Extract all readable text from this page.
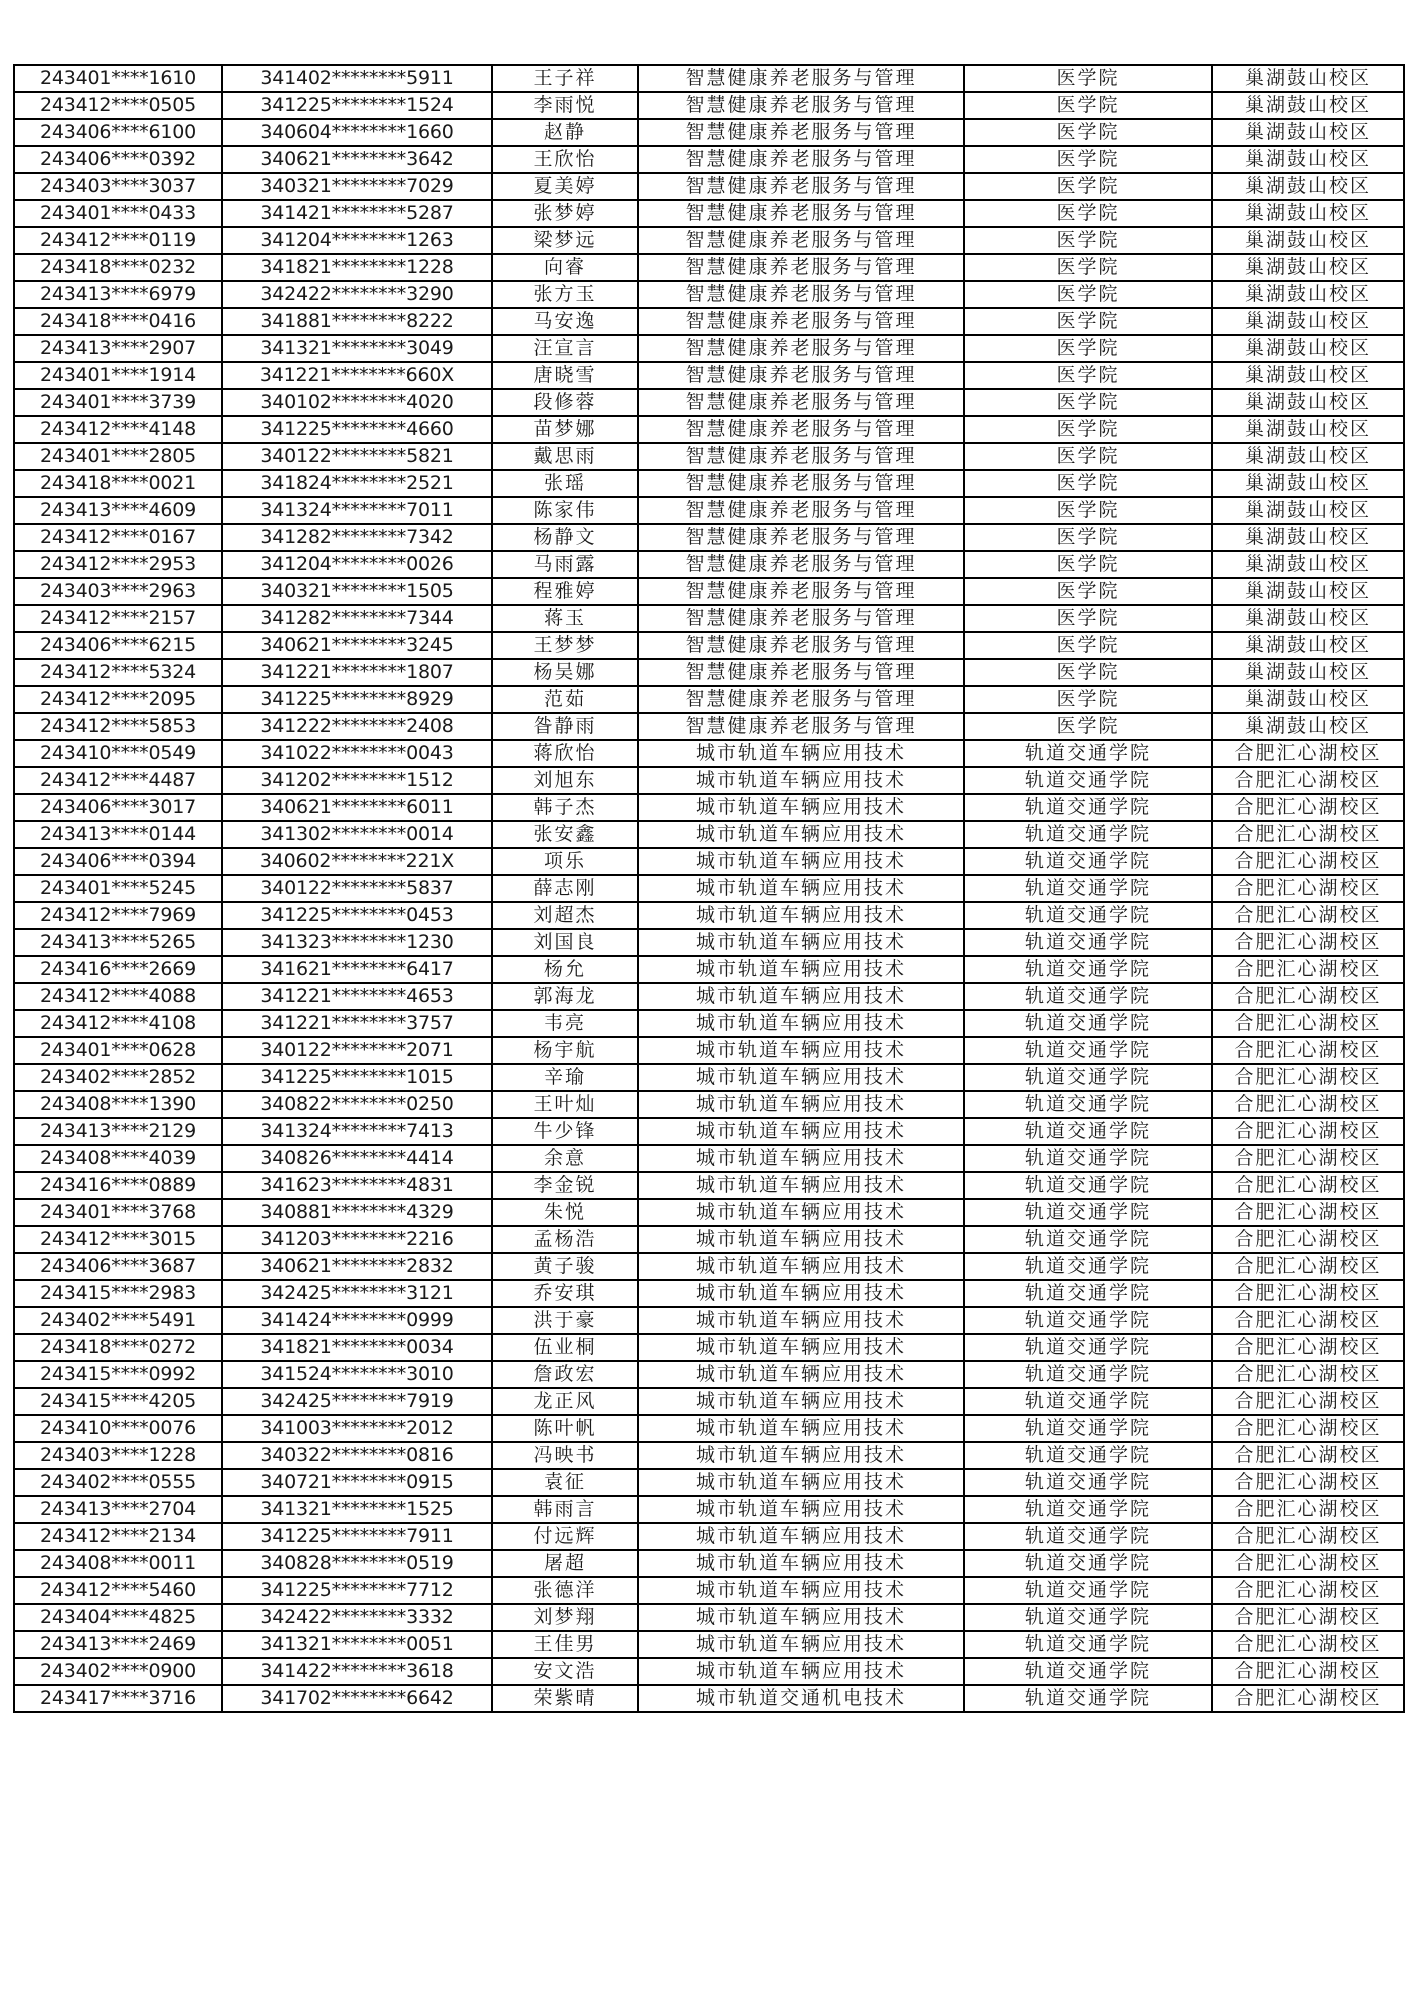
243401****1610	341402********5911	王子祥	智慧健康养老服务与管理	医学院	巢湖鼓山校区
243412****0505	341225********1524	李雨悦	智慧健康养老服务与管理	医学院	巢湖鼓山校区
243406****6100	340604********1660	赵静	智慧健康养老服务与管理	医学院	巢湖鼓山校区
243406****0392	340621********3642	王欣怡	智慧健康养老服务与管理	医学院	巢湖鼓山校区
243403****3037	340321********7029	夏美婷	智慧健康养老服务与管理	医学院	巢湖鼓山校区
243401****0433	341421********5287	张梦婷	智慧健康养老服务与管理	医学院	巢湖鼓山校区
243412****0119	341204********1263	梁梦远	智慧健康养老服务与管理	医学院	巢湖鼓山校区
243418****0232	341821********1228	向睿	智慧健康养老服务与管理	医学院	巢湖鼓山校区
243413****6979	342422********3290	张方玉	智慧健康养老服务与管理	医学院	巢湖鼓山校区
243418****0416	341881********8222	马安逸	智慧健康养老服务与管理	医学院	巢湖鼓山校区
243413****2907	341321********3049	汪宣言	智慧健康养老服务与管理	医学院	巢湖鼓山校区
243401****1914	341221********660X	唐晓雪	智慧健康养老服务与管理	医学院	巢湖鼓山校区
243401****3739	340102********4020	段修蓉	智慧健康养老服务与管理	医学院	巢湖鼓山校区
243412****4148	341225********4660	苗梦娜	智慧健康养老服务与管理	医学院	巢湖鼓山校区
243401****2805	340122********5821	戴思雨	智慧健康养老服务与管理	医学院	巢湖鼓山校区
243418****0021	341824********2521	张瑶	智慧健康养老服务与管理	医学院	巢湖鼓山校区
243413****4609	341324********7011	陈家伟	智慧健康养老服务与管理	医学院	巢湖鼓山校区
243412****0167	341282********7342	杨静文	智慧健康养老服务与管理	医学院	巢湖鼓山校区
243412****2953	341204********0026	马雨露	智慧健康养老服务与管理	医学院	巢湖鼓山校区
243403****2963	340321********1505	程雅婷	智慧健康养老服务与管理	医学院	巢湖鼓山校区
243412****2157	341282********7344	蒋玉	智慧健康养老服务与管理	医学院	巢湖鼓山校区
243406****6215	340621********3245	王梦梦	智慧健康养老服务与管理	医学院	巢湖鼓山校区
243412****5324	341221********1807	杨吴娜	智慧健康养老服务与管理	医学院	巢湖鼓山校区
243412****2095	341225********8929	范茹	智慧健康养老服务与管理	医学院	巢湖鼓山校区
243412****5853	341222********2408	昝静雨	智慧健康养老服务与管理	医学院	巢湖鼓山校区
243410****0549	341022********0043	蒋欣怡	城市轨道车辆应用技术	轨道交通学院	合肥汇心湖校区
243412****4487	341202********1512	刘旭东	城市轨道车辆应用技术	轨道交通学院	合肥汇心湖校区
243406****3017	340621********6011	韩子杰	城市轨道车辆应用技术	轨道交通学院	合肥汇心湖校区
243413****0144	341302********0014	张安鑫	城市轨道车辆应用技术	轨道交通学院	合肥汇心湖校区
243406****0394	340602********221X	项乐	城市轨道车辆应用技术	轨道交通学院	合肥汇心湖校区
243401****5245	340122********5837	薛志刚	城市轨道车辆应用技术	轨道交通学院	合肥汇心湖校区
243412****7969	341225********0453	刘超杰	城市轨道车辆应用技术	轨道交通学院	合肥汇心湖校区
243413****5265	341323********1230	刘国良	城市轨道车辆应用技术	轨道交通学院	合肥汇心湖校区
243416****2669	341621********6417	杨允	城市轨道车辆应用技术	轨道交通学院	合肥汇心湖校区
243412****4088	341221********4653	郭海龙	城市轨道车辆应用技术	轨道交通学院	合肥汇心湖校区
243412****4108	341221********3757	韦亮	城市轨道车辆应用技术	轨道交通学院	合肥汇心湖校区
243401****0628	340122********2071	杨宇航	城市轨道车辆应用技术	轨道交通学院	合肥汇心湖校区
243402****2852	341225********1015	辛瑜	城市轨道车辆应用技术	轨道交通学院	合肥汇心湖校区
243408****1390	340822********0250	王叶灿	城市轨道车辆应用技术	轨道交通学院	合肥汇心湖校区
243413****2129	341324********7413	牛少锋	城市轨道车辆应用技术	轨道交通学院	合肥汇心湖校区
243408****4039	340826********4414	余意	城市轨道车辆应用技术	轨道交通学院	合肥汇心湖校区
243416****0889	341623********4831	李金锐	城市轨道车辆应用技术	轨道交通学院	合肥汇心湖校区
243401****3768	340881********4329	朱悦	城市轨道车辆应用技术	轨道交通学院	合肥汇心湖校区
243412****3015	341203********2216	孟杨浩	城市轨道车辆应用技术	轨道交通学院	合肥汇心湖校区
243406****3687	340621********2832	黄子骏	城市轨道车辆应用技术	轨道交通学院	合肥汇心湖校区
243415****2983	342425********3121	乔安琪	城市轨道车辆应用技术	轨道交通学院	合肥汇心湖校区
243402****5491	341424********0999	洪于豪	城市轨道车辆应用技术	轨道交通学院	合肥汇心湖校区
243418****0272	341821********0034	伍业桐	城市轨道车辆应用技术	轨道交通学院	合肥汇心湖校区
243415****0992	341524********3010	詹政宏	城市轨道车辆应用技术	轨道交通学院	合肥汇心湖校区
243415****4205	342425********7919	龙正风	城市轨道车辆应用技术	轨道交通学院	合肥汇心湖校区
243410****0076	341003********2012	陈叶帆	城市轨道车辆应用技术	轨道交通学院	合肥汇心湖校区
243403****1228	340322********0816	冯映书	城市轨道车辆应用技术	轨道交通学院	合肥汇心湖校区
243402****0555	340721********0915	袁征	城市轨道车辆应用技术	轨道交通学院	合肥汇心湖校区
243413****2704	341321********1525	韩雨言	城市轨道车辆应用技术	轨道交通学院	合肥汇心湖校区
243412****2134	341225********7911	付远辉	城市轨道车辆应用技术	轨道交通学院	合肥汇心湖校区
243408****0011	340828********0519	屠超	城市轨道车辆应用技术	轨道交通学院	合肥汇心湖校区
243412****5460	341225********7712	张德洋	城市轨道车辆应用技术	轨道交通学院	合肥汇心湖校区
243404****4825	342422********3332	刘梦翔	城市轨道车辆应用技术	轨道交通学院	合肥汇心湖校区
243413****2469	341321********0051	王佳男	城市轨道车辆应用技术	轨道交通学院	合肥汇心湖校区
243402****0900	341422********3618	安文浩	城市轨道车辆应用技术	轨道交通学院	合肥汇心湖校区
243417****3716	341702********6642	荣紫晴	城市轨道交通机电技术	轨道交通学院	合肥汇心湖校区
